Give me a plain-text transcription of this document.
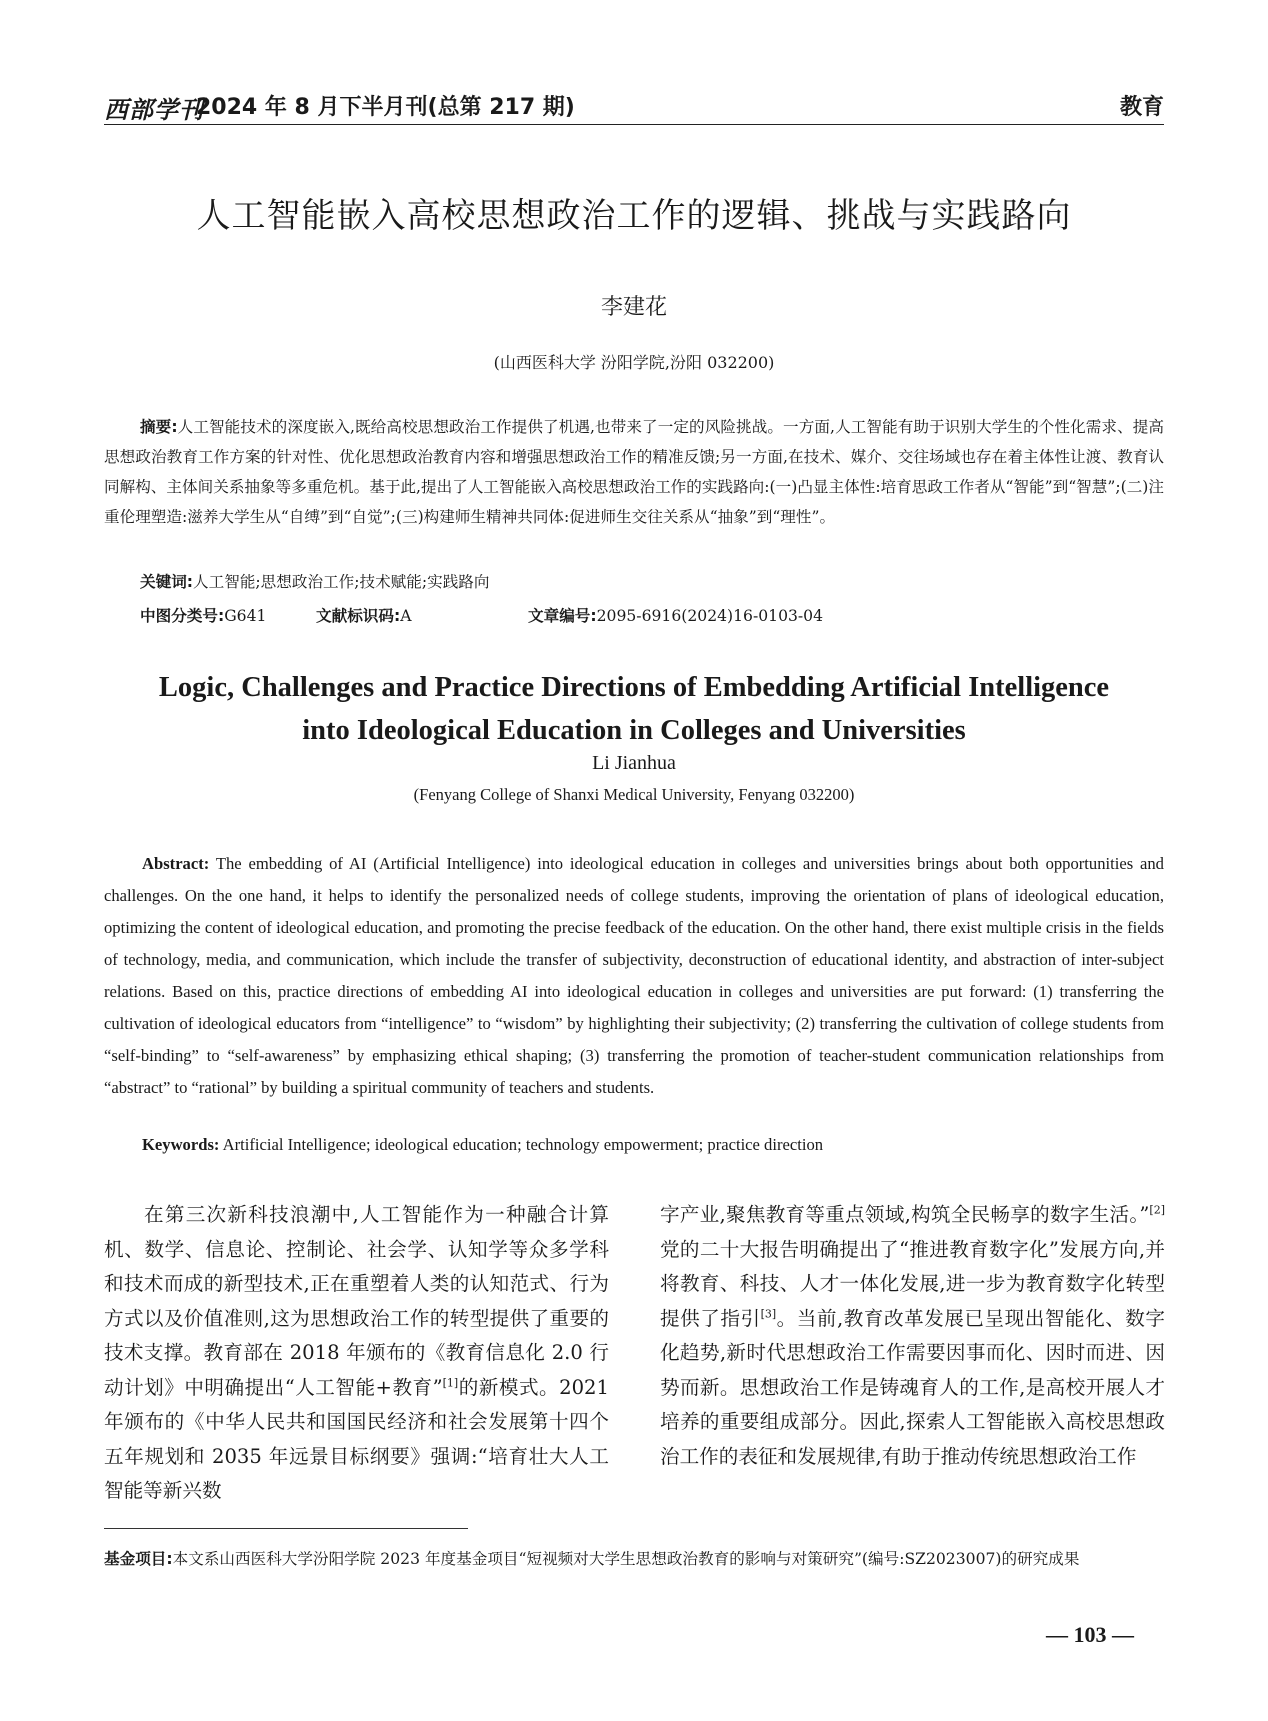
西部学刊
2024 年 8 月下半月刊(总第 217 期)	教育
人工智能嵌入高校思想政治工作的逻辑、挑战与实践路向
李建花
(山西医科大学 汾阳学院,汾阳 032200)
摘要:人工智能技术的深度嵌入,既给高校思想政治工作提供了机遇,也带来了一定的风险挑战。一方面,人工智能有助于识别大学生的个性化需求、提高思想政治教育工作方案的针对性、优化思想政治教育内容和增强思想政治工作的精准反馈;另一方面,在技术、媒介、交往场域也存在着主体性让渡、教育认同解构、主体间关系抽象等多重危机。基于此,提出了人工智能嵌入高校思想政治工作的实践路向:(一)凸显主体性:培育思政工作者从“智能”到“智慧”;(二)注重伦理塑造:滋养大学生从“自缚”到“自觉”;(三)构建师生精神共同体:促进师生交往关系从“抽象”到“理性”。
关键词:人工智能;思想政治工作;技术赋能;实践路向
中图分类号:G641	文献标识码:A	文章编号:2095-6916(2024)16-0103-04
Logic, Challenges and Practice Directions of Embedding Artificial Intelligence
into Ideological Education in Colleges and Universities
Li Jianhua
(Fenyang College of Shanxi Medical University, Fenyang 032200)
Abstract: The embedding of AI (Artificial Intelligence) into ideological education in colleges and universities brings about both opportunities and challenges. On the one hand, it helps to identify the personalized needs of college students, improving the orientation of plans of ideological education, optimizing the content of ideological education, and promoting the precise feedback of the education. On the other hand, there exist multiple crisis in the fields of technology, media, and communication, which include the transfer of subjectivity, deconstruction of educational identity, and abstraction of inter-subject relations. Based on this, practice directions of embedding AI into ideological education in colleges and universities are put forward: (1) transferring the cultivation of ideological educators from “intelligence” to “wisdom” by highlighting their subjectivity; (2) transferring the cultivation of college students from “self-binding” to “self-awareness” by emphasizing ethical shaping; (3) transferring the promotion of teacher-student communication relationships from “abstract” to “rational” by building a spiritual community of teachers and students.
Keywords: Artificial Intelligence; ideological education; technology empowerment; practice direction
在第三次新科技浪潮中,人工智能作为一种融合计算机、数学、信息论、控制论、社会学、认知学等众多学科和技术而成的新型技术,正在重塑着人类的认知范式、行为方式以及价值准则,这为思想政治工作的转型提供了重要的技术支撑。教育部在 2018 年颁布的《教育信息化 2.0 行动计划》中明确提出“人工智能+教育”[1]的新模式。2021 年颁布的《中华人民共和国国民经济和社会发展第十四个五年规划和 2035 年远景目标纲要》强调:“培育壮大人工智能等新兴数
字产业,聚焦教育等重点领域,构筑全民畅享的数字生活。”[2]党的二十大报告明确提出了“推进教育数字化”发展方向,并将教育、科技、人才一体化发展,进一步为教育数字化转型提供了指引[3]。当前,教育改革发展已呈现出智能化、数字化趋势,新时代思想政治工作需要因事而化、因时而进、因势而新。思想政治工作是铸魂育人的工作,是高校开展人才培养的重要组成部分。因此,探索人工智能嵌入高校思想政治工作的表征和发展规律,有助于推动传统思想政治工作
基金项目:本文系山西医科大学汾阳学院 2023 年度基金项目“短视频对大学生思想政治教育的影响与对策研究”(编号:SZ2023007)的研究成果
— 103 —
